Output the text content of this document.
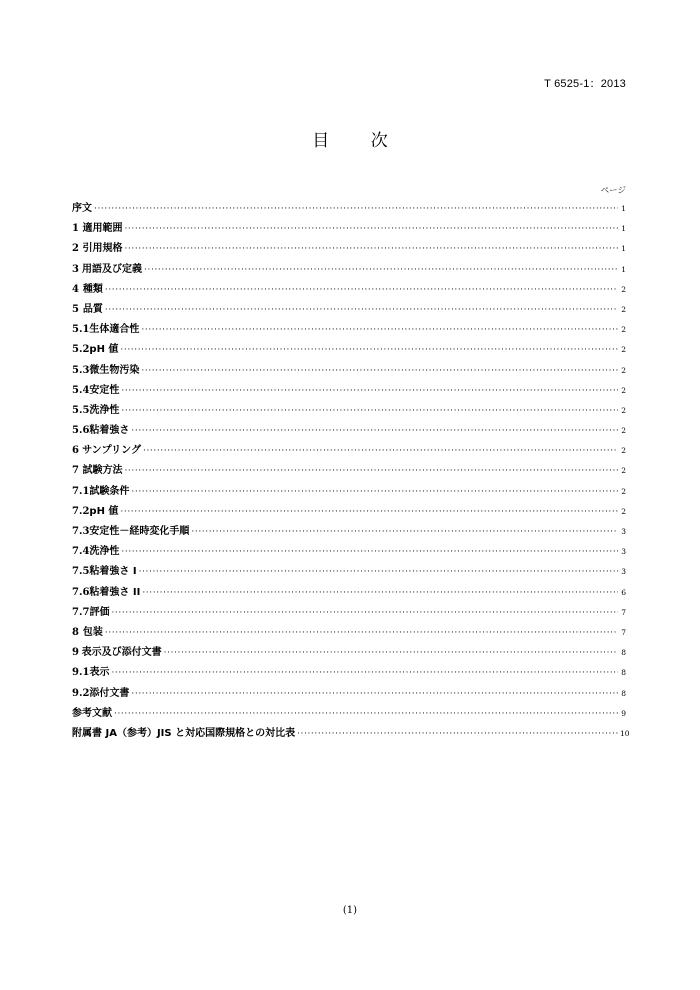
T 6525-1：2013
目 次
ページ
序文 ·····	1
1 適用範囲 ·····	1
2 引用規格 ·····	1
3 用語及び定義 ·····	1
4 種類 ·····	2
5 品質 ·····	2
5.1 生体適合性 ·····	2
5.2 pH 値 ·····	2
5.3 微生物汚染 ·····	2
5.4 安定性 ·····	2
5.5 洗浄性 ·····	2
5.6 粘着強さ ·····	2
6 サンプリング ·····	2
7 試験方法 ·····	2
7.1 試験条件 ·····	2
7.2 pH 値 ·····	2
7.3 安定性－経時変化手順 ·····	3
7.4 洗浄性 ·····	3
7.5 粘着強さ I ·····	3
7.6 粘着強さ II ·····	6
7.7 評価 ·····	7
8 包装 ·····	7
9 表示及び添付文書 ·····	8
9.1 表示 ·····	8
9.2 添付文書 ·····	8
参考文献 ·····	9
附属書 JA（参考）JIS と対応国際規格との対比表 ·····	10
(1)
